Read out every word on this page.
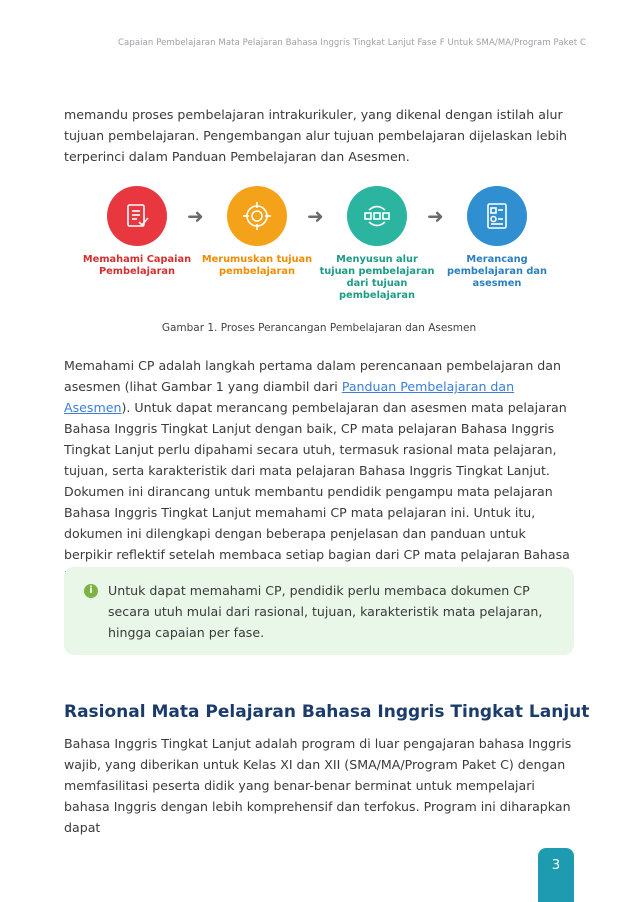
Capaian Pembelajaran Mata Pelajaran Bahasa Inggris Tingkat Lanjut Fase F Untuk SMA/MA/Program Paket C

memandu proses pembelajaran intrakurikuler, yang dikenal dengan istilah alur tujuan pembelajaran. Pengembangan alur tujuan pembelajaran dijelaskan lebih terperinci dalam Panduan Pembelajaran dan Asesmen.

Memahami Capaian Pembelajaran
➜
Merumuskan tujuan pembelajaran
➜
Menyusun alur tujuan pembelajaran dari tujuan pembelajaran
➜
Merancang pembelajaran dan asesmen
Gambar 1. Proses Perancangan Pembelajaran dan Asesmen

Memahami CP adalah langkah pertama dalam perencanaan pembelajaran dan asesmen (lihat Gambar 1 yang diambil dari Panduan Pembelajaran dan Asesmen). Untuk dapat merancang pembelajaran dan asesmen mata pelajaran Bahasa Inggris Tingkat Lanjut dengan baik, CP mata pelajaran Bahasa Inggris Tingkat Lanjut perlu dipahami secara utuh, termasuk rasional mata pelajaran, tujuan, serta karakteristik dari mata pelajaran Bahasa Inggris Tingkat Lanjut. Dokumen ini dirancang untuk membantu pendidik pengampu mata pelajaran Bahasa Inggris Tingkat Lanjut memahami CP mata pelajaran ini. Untuk itu, dokumen ini dilengkapi dengan beberapa penjelasan dan panduan untuk berpikir reflektif setelah membaca setiap bagian dari CP mata pelajaran Bahasa

i	Untuk dapat memahami CP, pendidik perlu membaca dokumen CP secara utuh mulai dari rasional, tujuan, karakteristik mata pelajaran, hingga capaian per fase.
Rasional Mata Pelajaran Bahasa Inggris Tingkat Lanjut

Bahasa Inggris Tingkat Lanjut adalah program di luar pengajaran bahasa Inggris wajib, yang diberikan untuk Kelas XI dan XII (SMA/MA/Program Paket C) dengan memfasilitasi peserta didik yang benar-benar berminat untuk mempelajari bahasa Inggris dengan lebih komprehensif dan terfokus. Program ini diharapkan dapat

3
